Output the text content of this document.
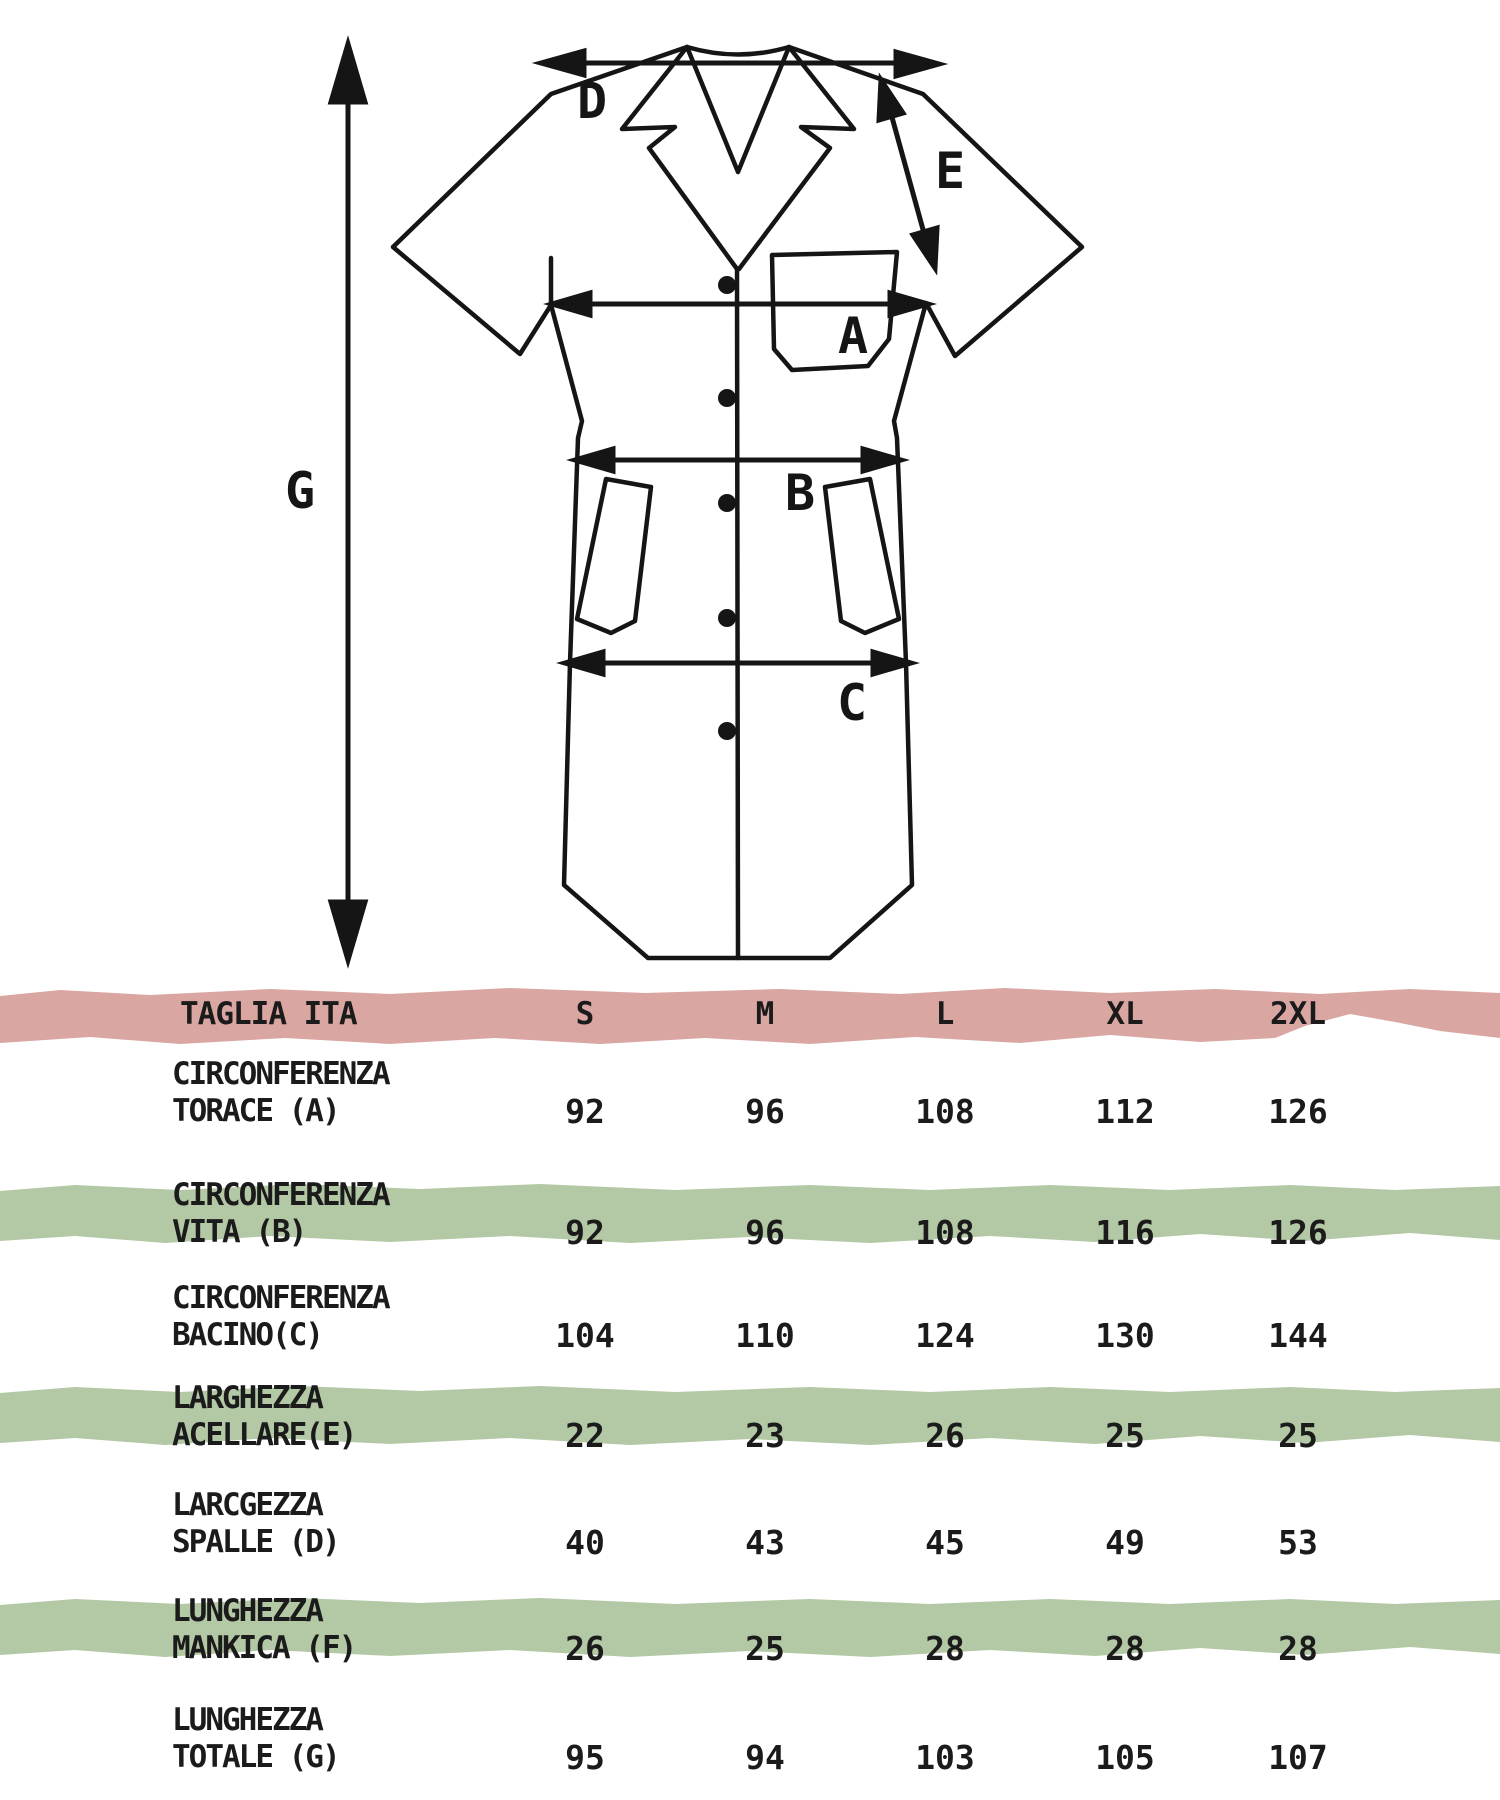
G
D
E
A
B
C
TAGLIA ITA	S	M	L	XL	2XL
CIRCONFERENZA
TORACE (A)	92	96	108	112	126
CIRCONFERENZA
VITA (B)	92	96	108	116	126
CIRCONFERENZA
BACINO(C)	104	110	124	130	144
LARGHEZZA
ACELLARE(E)	22	23	26	25	25
LARCGEZZA
SPALLE (D)	40	43	45	49	53
LUNGHEZZA
MANKICA (F)	26	25	28	28	28
LUNGHEZZA
TOTALE (G)	95	94	103	105	107
